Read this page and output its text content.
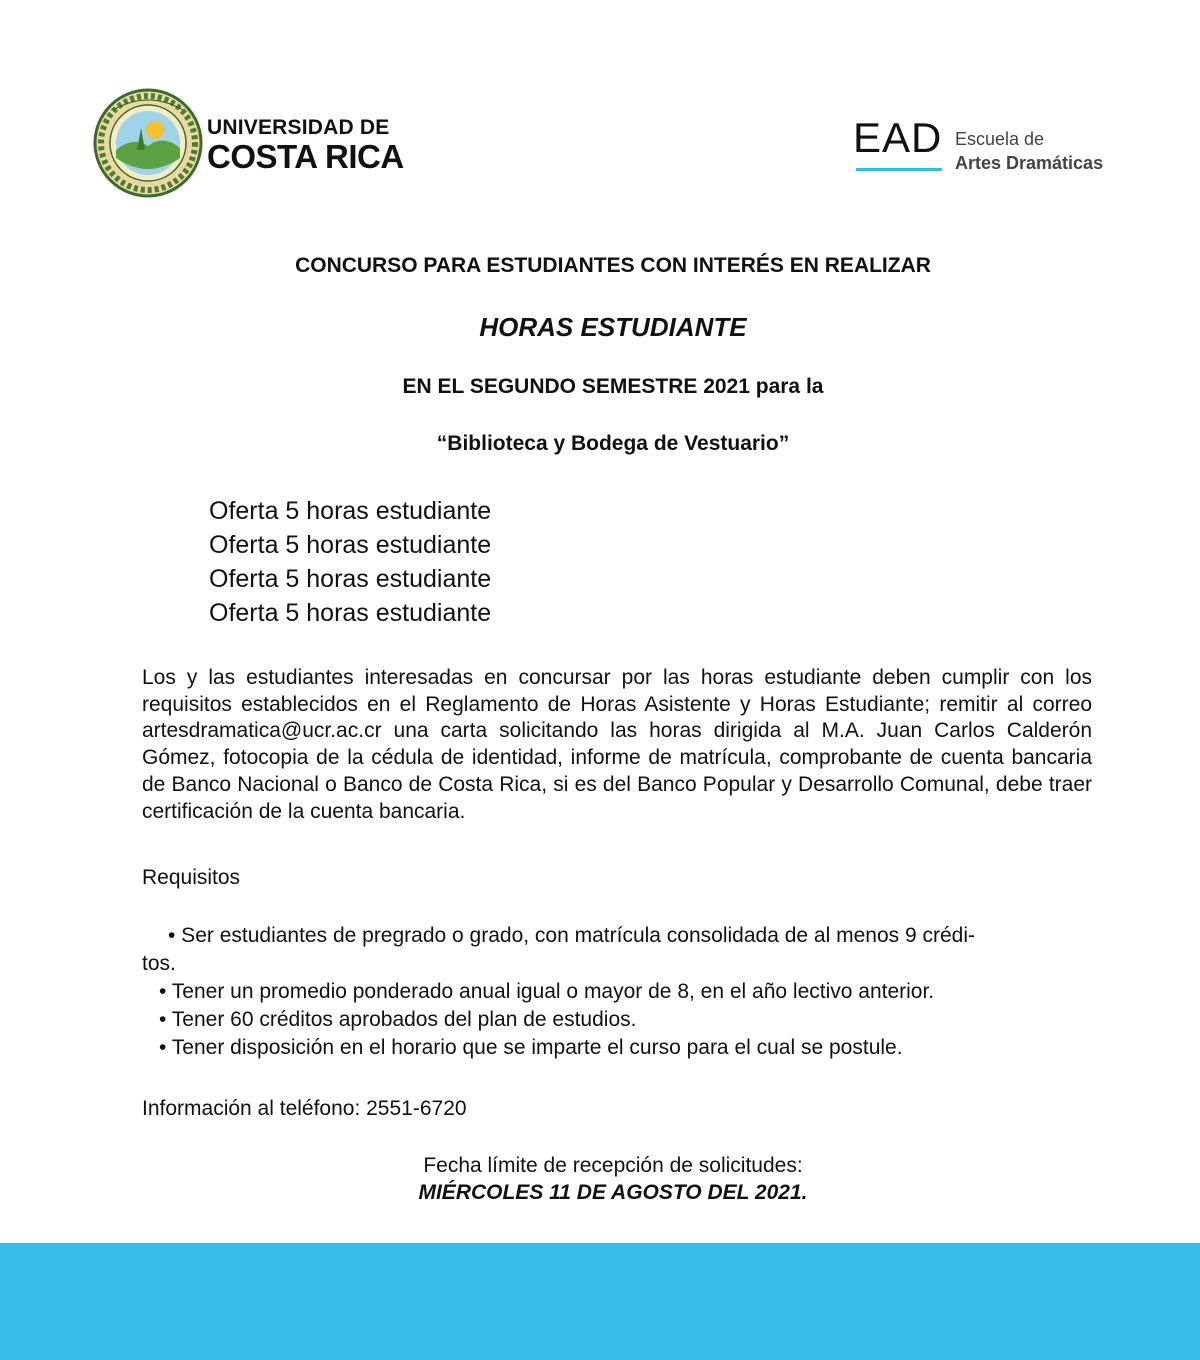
UNIVERSIDAD DE
COSTA RICA	EAD Escuela de
Artes Dramáticas
CONCURSO PARA ESTUDIANTES CON INTERÉS EN REALIZAR
HORAS ESTUDIANTE
EN EL SEGUNDO SEMESTRE 2021 para la
“Biblioteca y Bodega de Vestuario”
Oferta 5 horas estudiante
Oferta 5 horas estudiante
Oferta 5 horas estudiante
Oferta 5 horas estudiante
Los y las estudiantes interesadas en concursar por las horas estudiante deben cumplir con los requisitos establecidos en el Reglamento de Horas Asistente y Horas Estudiante; remitir al correo artesdramatica@ucr.ac.cr una carta solicitando las horas dirigida al M.A. Juan Carlos Calderón Gómez, fotocopia de la cédula de identidad, informe de matrícula, comprobante de cuenta bancaria de Banco Nacional o Banco de Costa Rica, si es del Banco Popular y Desarrollo Comunal, debe traer certificación de la cuenta bancaria.
Requisitos
• Ser estudiantes de pregrado o grado, con matrícula consolidada de al menos 9 crédi-
tos.
• Tener un promedio ponderado anual igual o mayor de 8, en el año lectivo anterior.
• Tener 60 créditos aprobados del plan de estudios.
• Tener disposición en el horario que se imparte el curso para el cual se postule.
Información al teléfono: 2551-6720
Fecha límite de recepción de solicitudes:
MIÉRCOLES 11 DE AGOSTO DEL 2021.
